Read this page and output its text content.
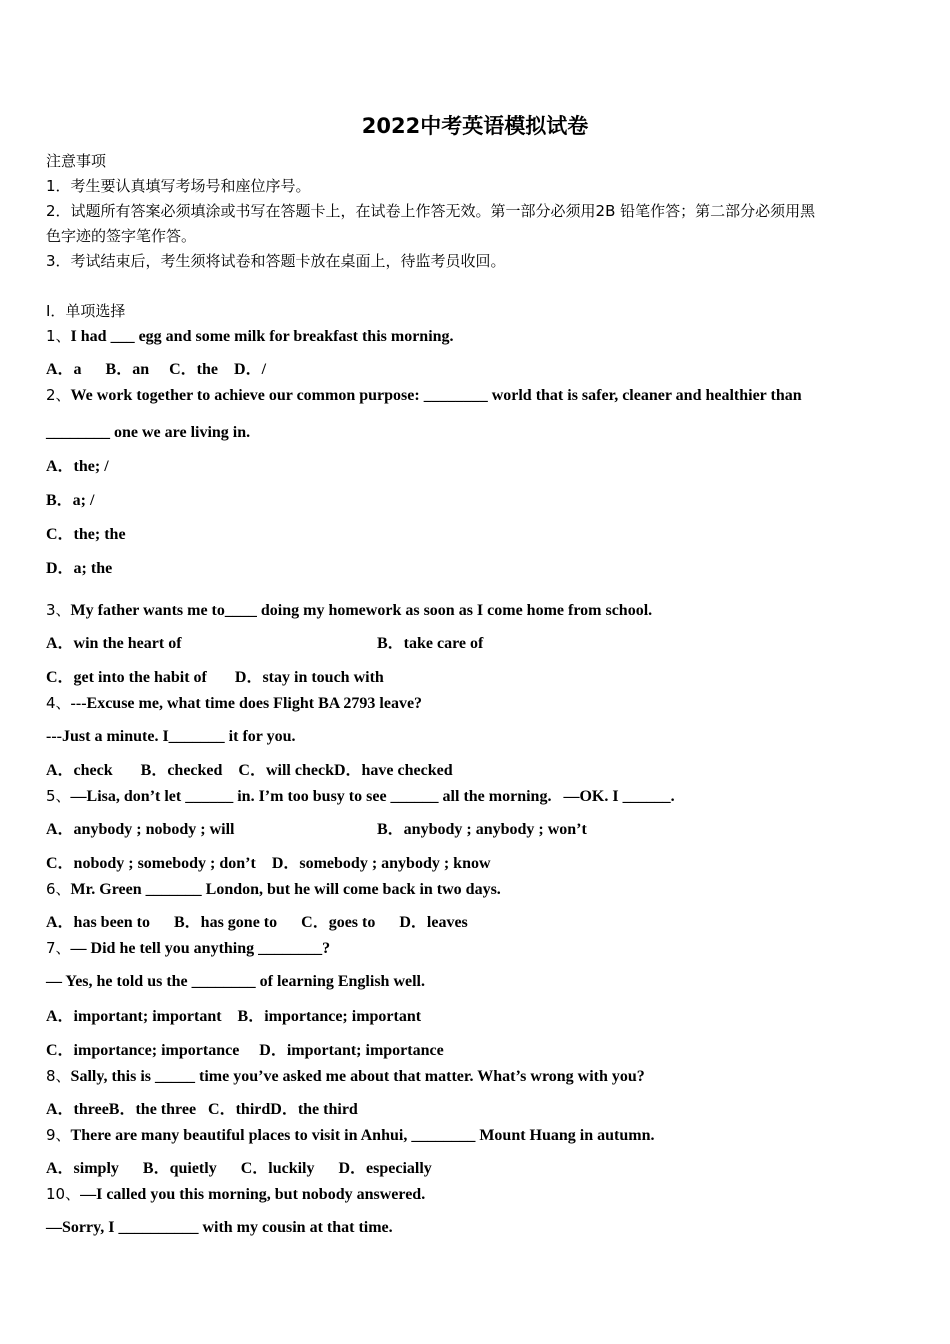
2022中考英语模拟试卷
注意事项
1．考生要认真填写考场号和座位序号。
2．试题所有答案必须填涂或书写在答题卡上，在试卷上作答无效。第一部分必须用2B 铅笔作答；第二部分必须用黑
色字迹的签字笔作答。
3．考试结束后，考生须将试卷和答题卡放在桌面上，待监考员收回。
Ⅰ．单项选择
1、I had ___ egg and some milk for breakfast this morning.
A．a      B．an     C．the    D．/
2、We work together to achieve our common purpose: ________ world that is safer, cleaner and healthier than
________ one we are living in.
A．the; /
B．a; /
C．the; the
D．a; the
3、My father wants me to____ doing my homework as soon as I come home from school.
A．win the heart of	B．take care of
C．get into the habit of       D．stay in touch with
4、---Excuse me, what time does Flight BA 2793 leave?
---Just a minute. I_______ it for you.
A．check       B．checked    C．will checkD．have checked
5、—Lisa, don’t let ______ in. I’m too busy to see ______ all the morning.   —OK. I ______.
A．anybody ; nobody ; will	B．anybody ; anybody ; won’t
C．nobody ; somebody ; don’t    D．somebody ; anybody ; know
6、Mr. Green _______ London, but he will come back in two days.
A．has been to      B．has gone to      C．goes to      D．leaves
7、— Did he tell you anything ________?
— Yes, he told us the ________ of learning English well.
A．important; important    B．importance; important
C．importance; importance     D．important; importance
8、Sally, this is _____ time you’ve asked me about that matter. What’s wrong with you?
A．threeB．the three   C．thirdD．the third
9、There are many beautiful places to visit in Anhui, ________ Mount Huang in autumn.
A．simply      B．quietly      C．luckily      D．especially
10、—I called you this morning, but nobody answered.
—Sorry, I __________ with my cousin at that time.
